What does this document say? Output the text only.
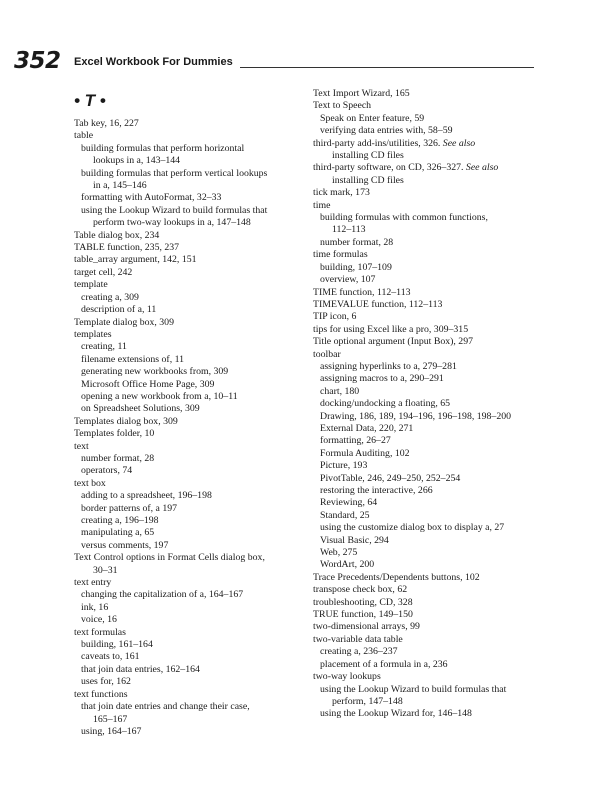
352 Excel Workbook For Dummies
• T •
Tab key, 16, 227
table
building formulas that perform horizontal
lookups in a, 143–144
building formulas that perform vertical lookups
in a, 145–146
formatting with AutoFormat, 32–33
using the Lookup Wizard to build formulas that
perform two-way lookups in a, 147–148
Table dialog box, 234
TABLE function, 235, 237
table_array argument, 142, 151
target cell, 242
template
creating a, 309
description of a, 11
Template dialog box, 309
templates
creating, 11
filename extensions of, 11
generating new workbooks from, 309
Microsoft Office Home Page, 309
opening a new workbook from a, 10–11
on Spreadsheet Solutions, 309
Templates dialog box, 309
Templates folder, 10
text
number format, 28
operators, 74
text box
adding to a spreadsheet, 196–198
border patterns of, a 197
creating a, 196–198
manipulating a, 65
versus comments, 197
Text Control options in Format Cells dialog box,
30–31
text entry
changing the capitalization of a, 164–167
ink, 16
voice, 16
text formulas
building, 161–164
caveats to, 161
that join data entries, 162–164
uses for, 162
text functions
that join date entries and change their case,
165–167
using, 164–167
Text Import Wizard, 165
Text to Speech
Speak on Enter feature, 59
verifying data entries with, 58–59
third-party add-ins/utilities, 326. See also
installing CD files
third-party software, on CD, 326–327. See also
installing CD files
tick mark, 173
time
building formulas with common functions,
112–113
number format, 28
time formulas
building, 107–109
overview, 107
TIME function, 112–113
TIMEVALUE function, 112–113
TIP icon, 6
tips for using Excel like a pro, 309–315
Title optional argument (Input Box), 297
toolbar
assigning hyperlinks to a, 279–281
assigning macros to a, 290–291
chart, 180
docking/undocking a floating, 65
Drawing, 186, 189, 194–196, 196–198, 198–200
External Data, 220, 271
formatting, 26–27
Formula Auditing, 102
Picture, 193
PivotTable, 246, 249–250, 252–254
restoring the interactive, 266
Reviewing, 64
Standard, 25
using the customize dialog box to display a, 27
Visual Basic, 294
Web, 275
WordArt, 200
Trace Precedents/Dependents buttons, 102
transpose check box, 62
troubleshooting, CD, 328
TRUE function, 149–150
two-dimensional arrays, 99
two-variable data table
creating a, 236–237
placement of a formula in a, 236
two-way lookups
using the Lookup Wizard to build formulas that
perform, 147–148
using the Lookup Wizard for, 146–148
